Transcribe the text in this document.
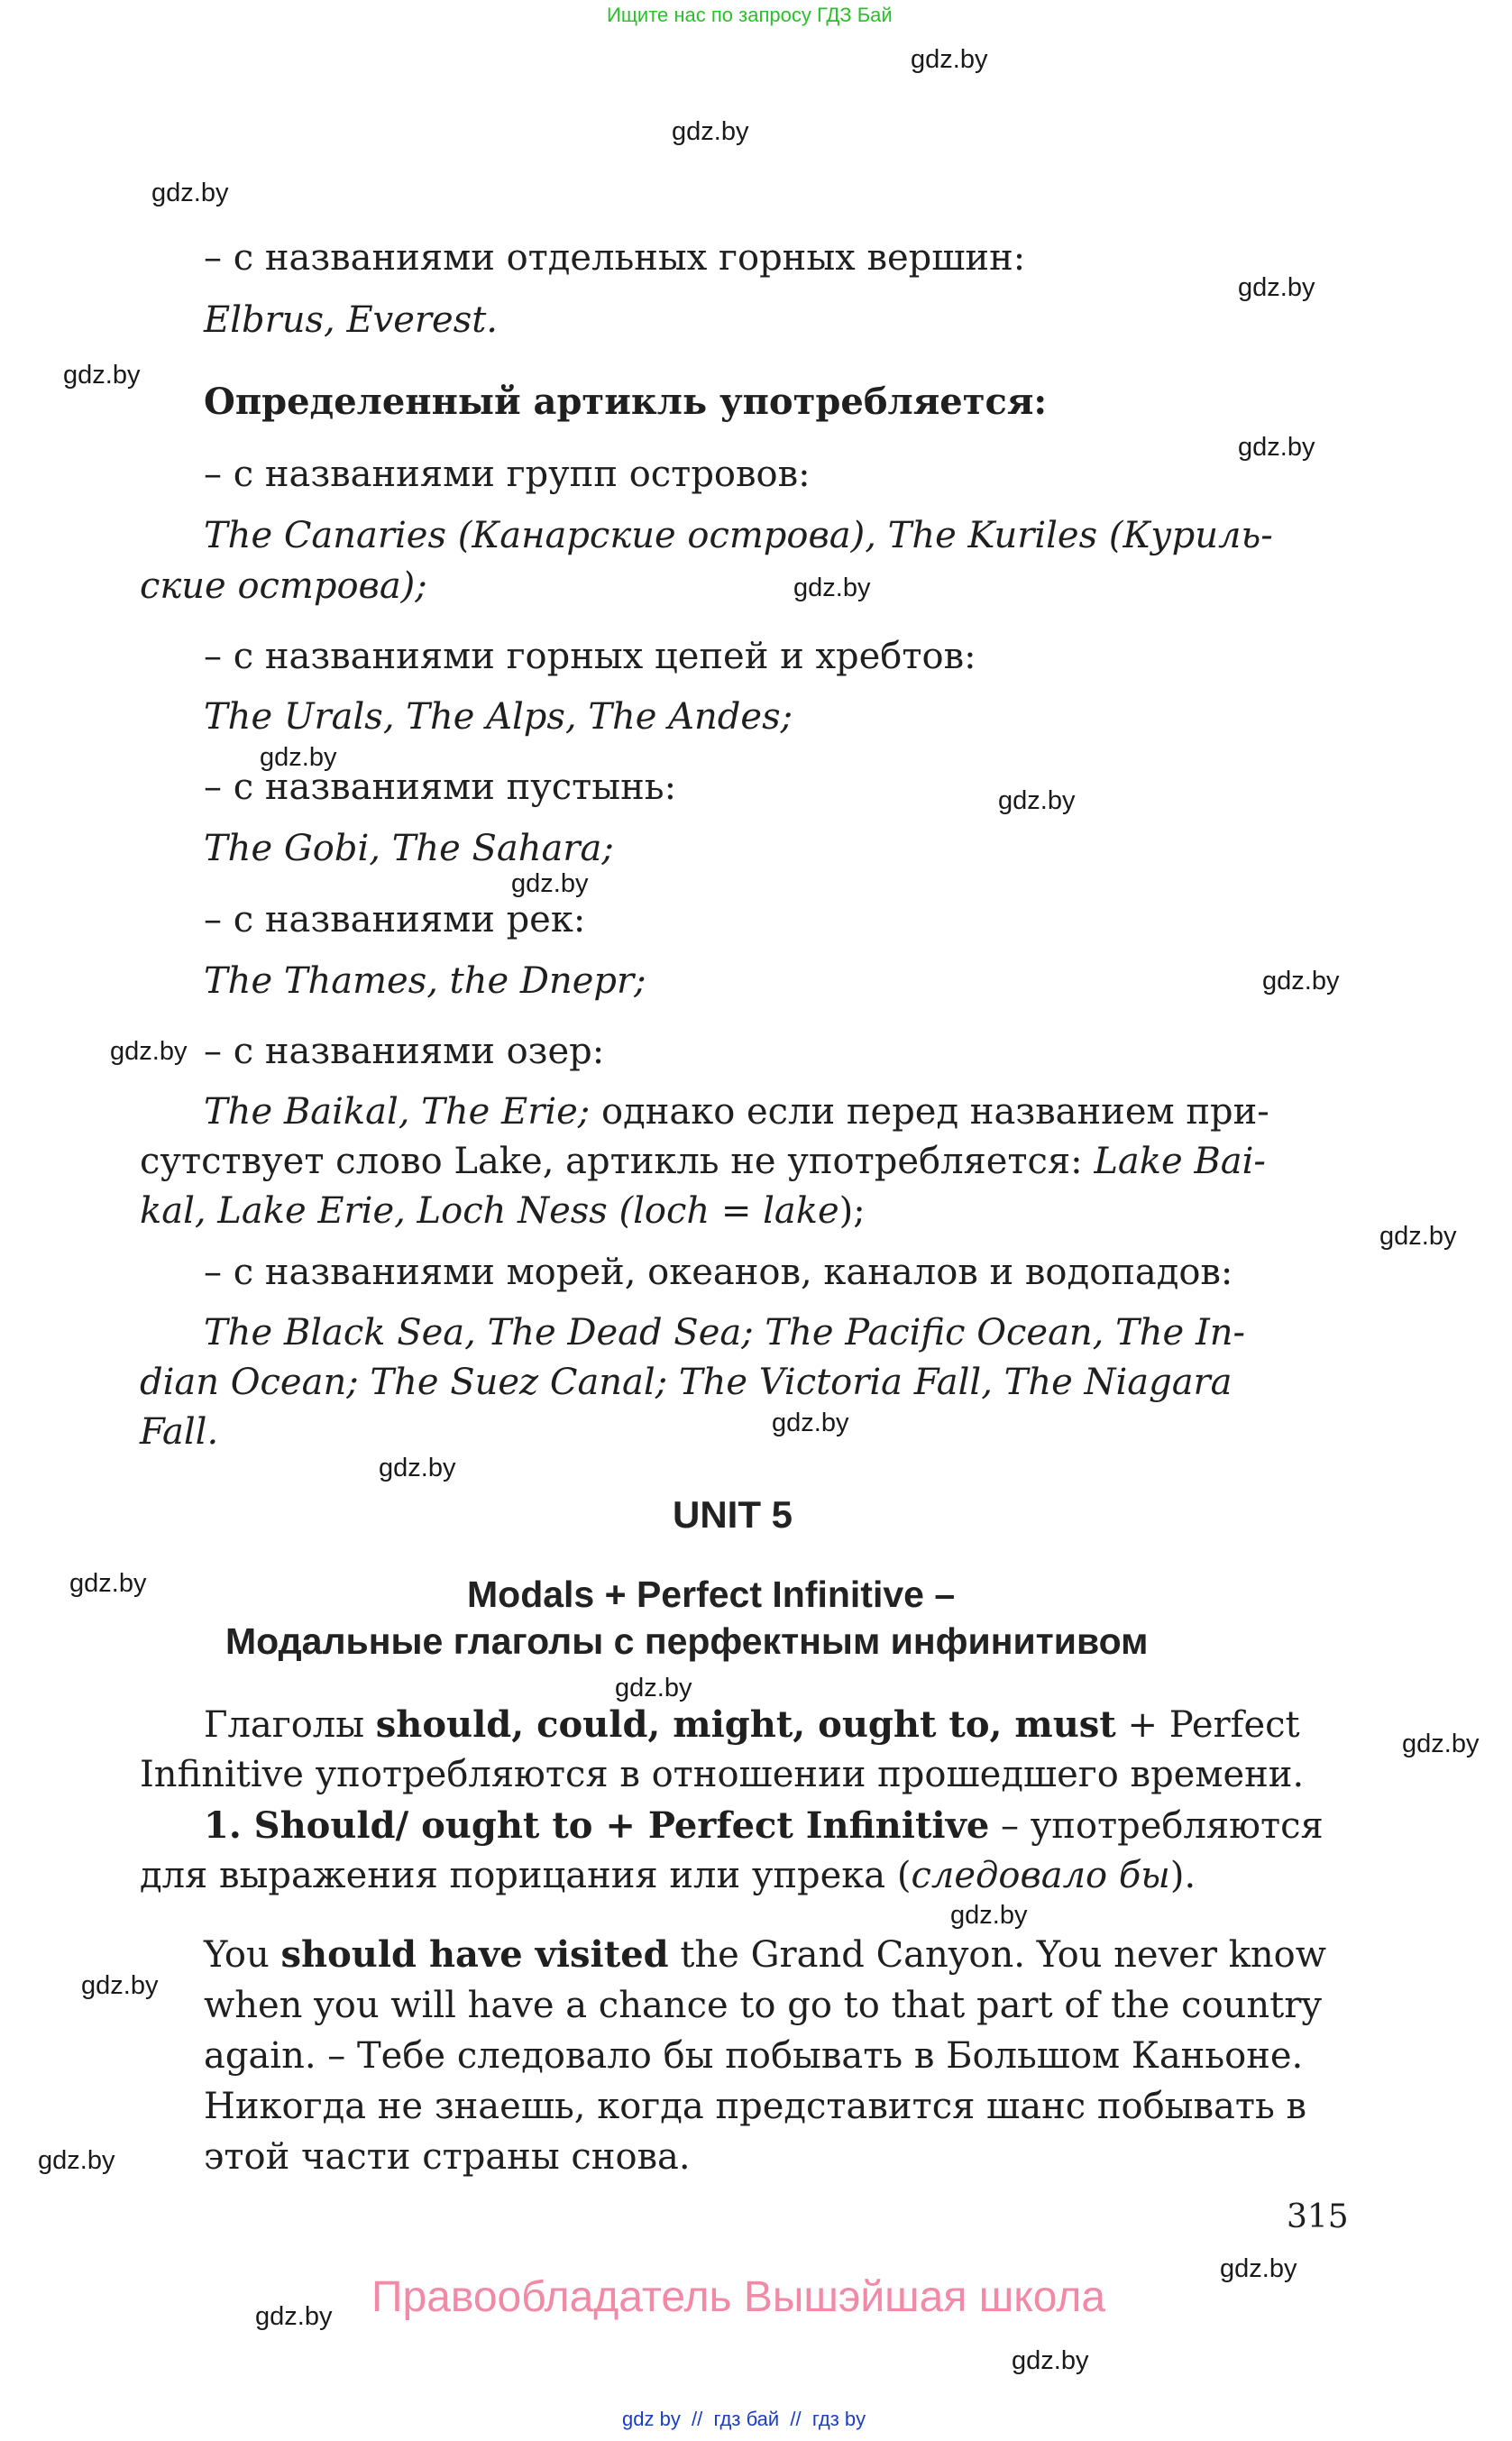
Ищите нас по запросу ГДЗ Бай
gdz.by
gdz.by
gdz.by
gdz.by
gdz.by
gdz.by
gdz.by
gdz.by
gdz.by
gdz.by
gdz.by
gdz.by
gdz.by
gdz.by
gdz.by
gdz.by
gdz.by
gdz.by
gdz.by
gdz.by
gdz.by
gdz.by
gdz.by
gdz.by
– с названиями отдельных горных вершин:
Elbrus, Everest.
Определенный артикль употребляется:
– с названиями групп островов:
The Canaries (Канарские острова), The Kuriles (Куриль-
ские острова);
– с названиями горных цепей и хребтов:
The Urals, The Alps, The Andes;
– с названиями пустынь:
The Gobi, The Sahara;
– с названиями рек:
The Thames, the Dnepr;
– с названиями озер:
The Baikal, The Erie; однако если перед названием при-
сутствует слово Lake, артикль не употребляется: Lake Bai-
kal, Lake Erie, Loch Ness (loch = lake);
– с названиями морей, океанов, каналов и водопадов:
The Black Sea, The Dead Sea; The Pacific Ocean, The In-
dian Ocean; The Suez Canal; The Victoria Fall, The Niagara
Fall.
UNIT 5
Modals + Perfect Infinitive –
Модальные глаголы с перфектным инфинитивом
Глаголы should, could, might, ought to, must + Perfect
Infinitive употребляются в отношении прошедшего времени.
1. Should/ ought to + Perfect Infinitive – употребляются
для выражения порицания или упрека (следовало бы).
You should have visited the Grand Canyon. You never know
when you will have a chance to go to that part of the country
again. – Тебе следовало бы побывать в Большом Каньоне.
Никогда не знаешь, когда представится шанс побывать в
этой части страны снова.
315
Правообладатель Вышэйшая школа
gdz by  //  гдз бай  //  гдз by
